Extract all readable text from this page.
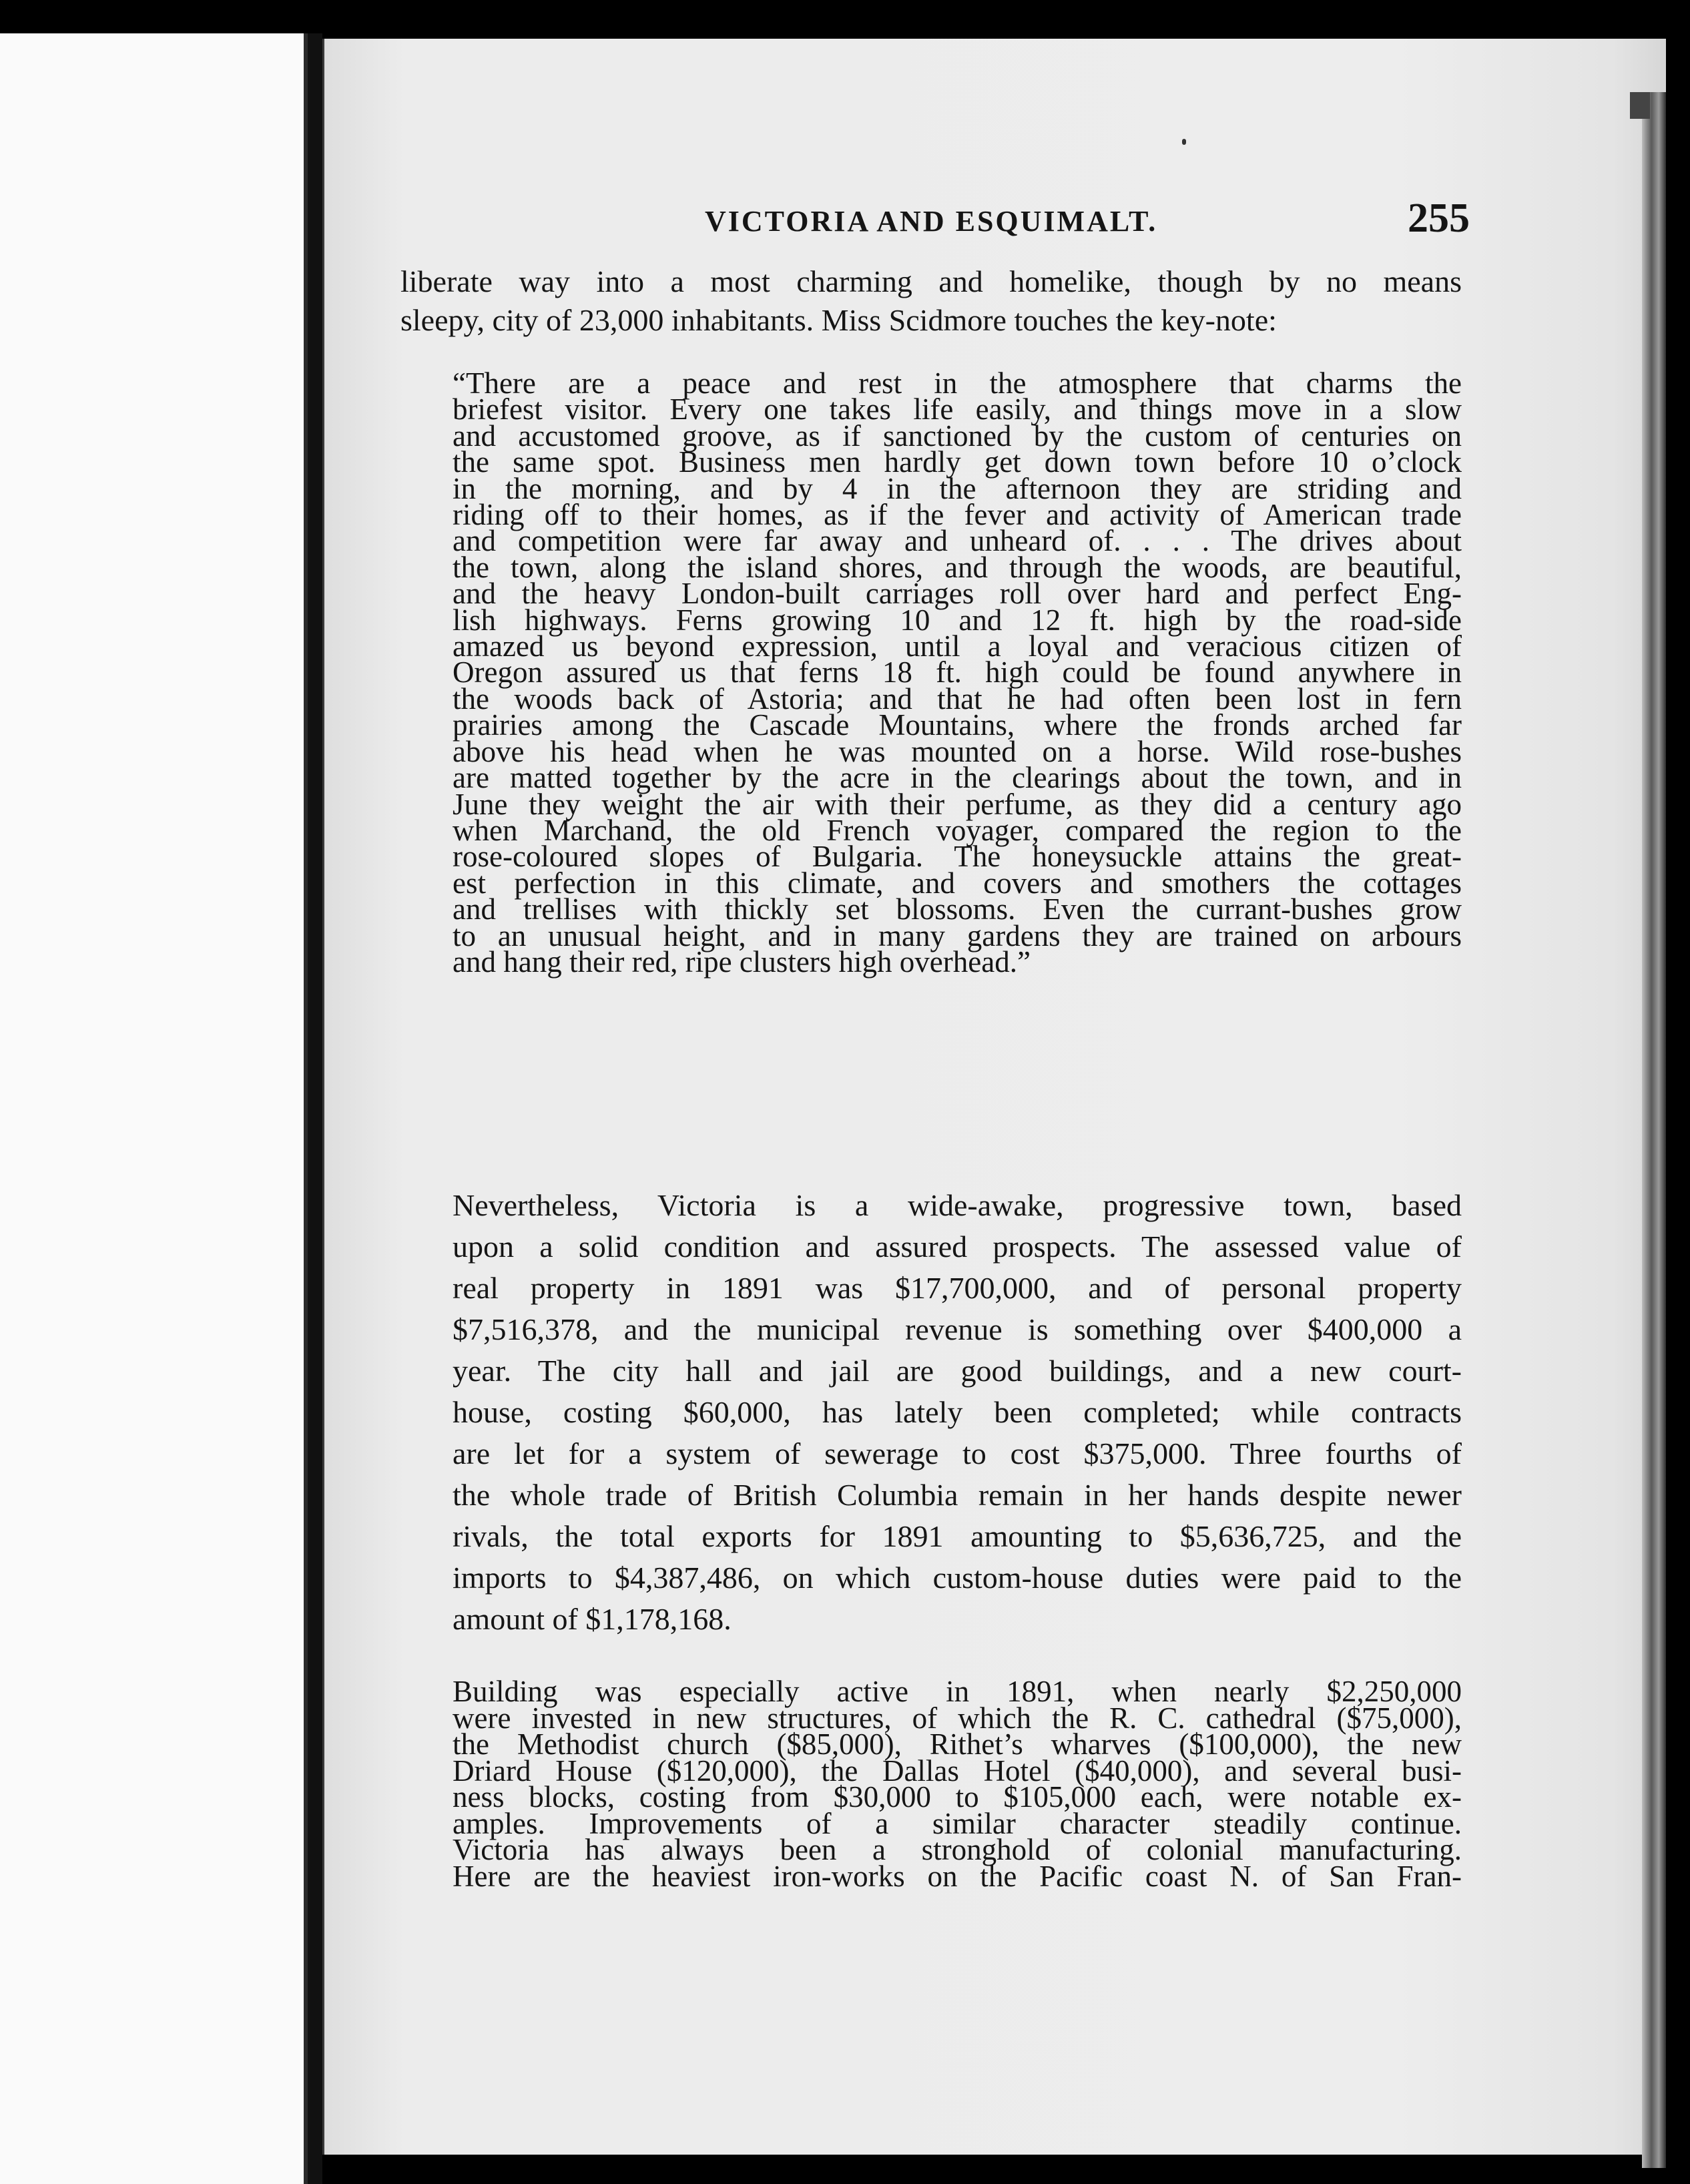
VICTORIA AND ESQUIMALT.	255
liberate way into a most charming and homelike, though by no means
sleepy, city of 23,000 inhabitants. Miss Scidmore touches the key-note:
“There are a peace and rest in the atmosphere that charms the
briefest visitor. Every one takes life easily, and things move in a slow
and accustomed groove, as if sanctioned by the custom of centuries on
the same spot. Business men hardly get down town before 10 o’clock
in the morning, and by 4 in the afternoon they are striding and
riding off to their homes, as if the fever and activity of American trade
and competition were far away and unheard of. . . . The drives about
the town, along the island shores, and through the woods, are beautiful,
and the heavy London-built carriages roll over hard and perfect Eng-
lish highways. Ferns growing 10 and 12 ft. high by the road-side
amazed us beyond expression, until a loyal and veracious citizen of
Oregon assured us that ferns 18 ft. high could be found anywhere in
the woods back of Astoria; and that he had often been lost in fern
prairies among the Cascade Mountains, where the fronds arched far
above his head when he was mounted on a horse. Wild rose-bushes
are matted together by the acre in the clearings about the town, and in
June they weight the air with their perfume, as they did a century ago
when Marchand, the old French voyager, compared the region to the
rose-coloured slopes of Bulgaria. The honeysuckle attains the great-
est perfection in this climate, and covers and smothers the cottages
and trellises with thickly set blossoms. Even the currant-bushes grow
to an unusual height, and in many gardens they are trained on arbours
and hang their red, ripe clusters high overhead.”
Nevertheless, Victoria is a wide-awake, progressive town, based
upon a solid condition and assured prospects. The assessed value of
real property in 1891 was $17,700,000, and of personal property
$7,516,378, and the municipal revenue is something over $400,000 a
year. The city hall and jail are good buildings, and a new court-
house, costing $60,000, has lately been completed; while contracts
are let for a system of sewerage to cost $375,000. Three fourths of
the whole trade of British Columbia remain in her hands despite newer
rivals, the total exports for 1891 amounting to $5,636,725, and the
imports to $4,387,486, on which custom-house duties were paid to the
amount of $1,178,168.
Building was especially active in 1891, when nearly $2,250,000
were invested in new structures, of which the R. C. cathedral ($75,000),
the Methodist church ($85,000), Rithet’s wharves ($100,000), the new
Driard House ($120,000), the Dallas Hotel ($40,000), and several busi-
ness blocks, costing from $30,000 to $105,000 each, were notable ex-
amples. Improvements of a similar character steadily continue.
Victoria has always been a stronghold of colonial manufacturing.
Here are the heaviest iron-works on the Pacific coast N. of San Fran-
